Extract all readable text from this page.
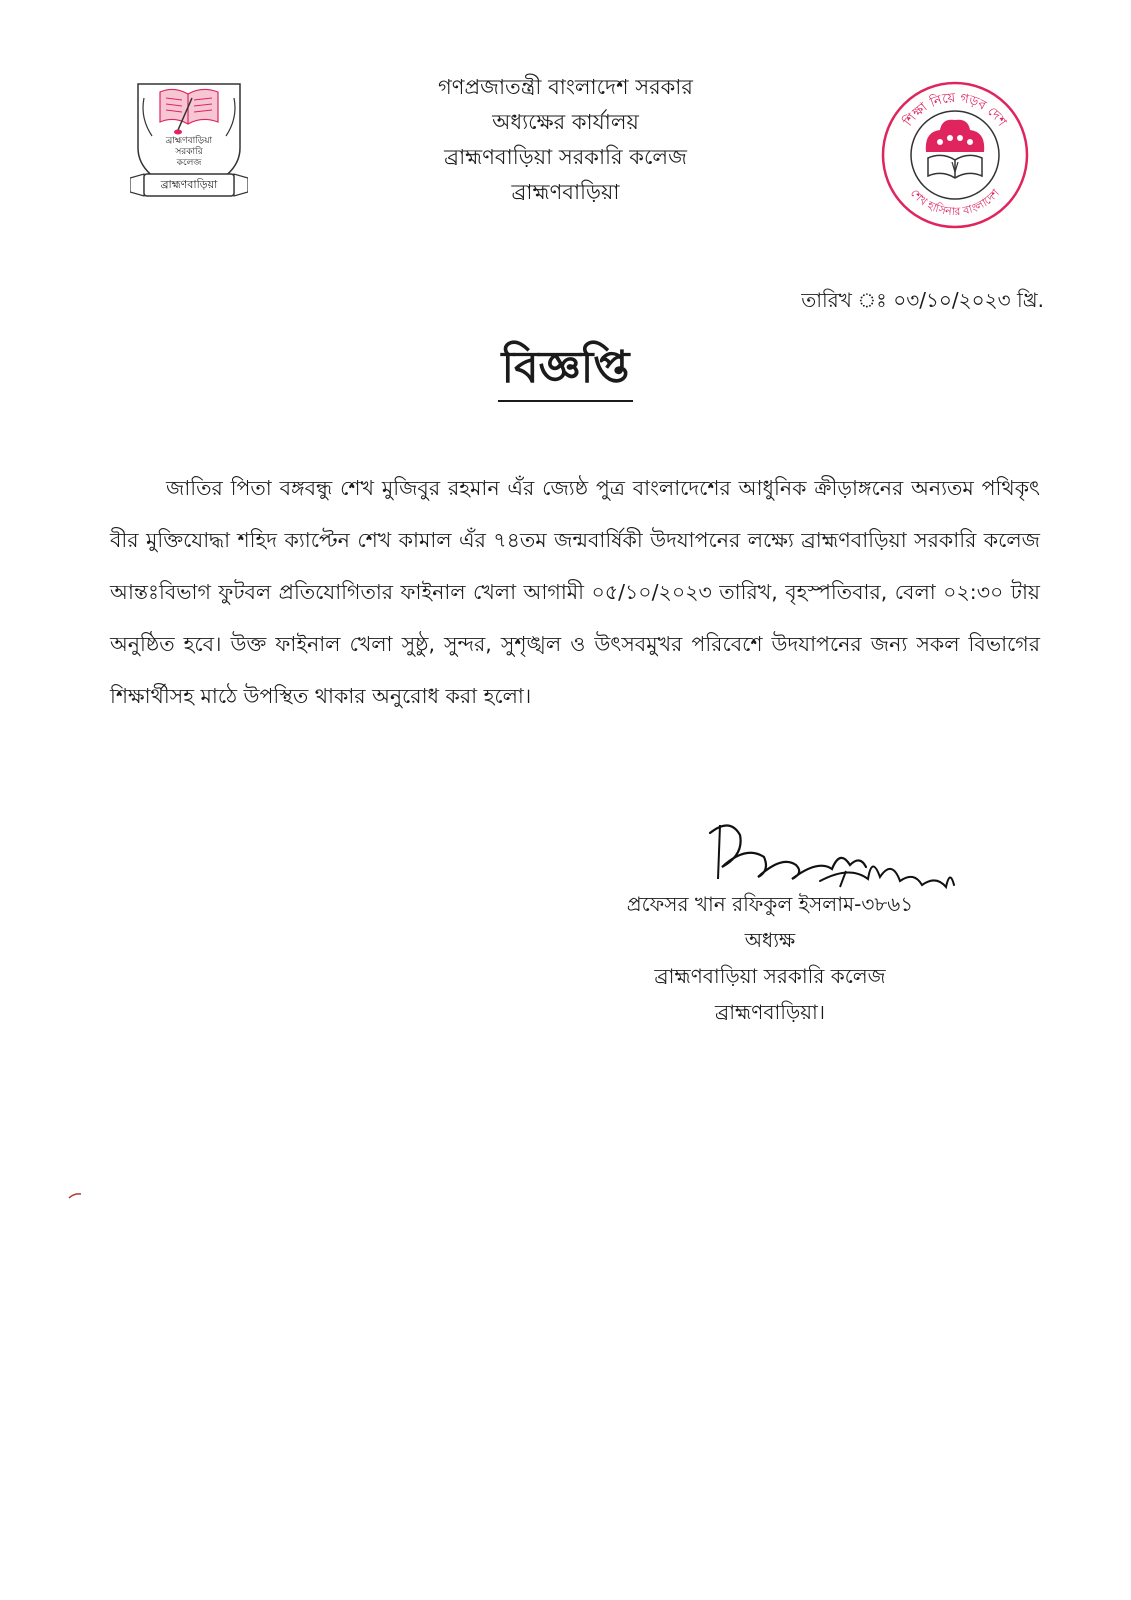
ব্রাহ্মণবাড়িয়া
সরকারি
কলেজ
ব্রাহ্মণবাড়িয়া
গণপ্রজাতন্ত্রী বাংলাদেশ সরকার
অধ্যক্ষের কার্যালয়
ব্রাহ্মণবাড়িয়া সরকারি কলেজ
ব্রাহ্মণবাড়িয়া
শিক্ষা নিয়ে গড়ব দেশ
শেখ হাসিনার বাংলাদেশ
তারিখ ঃ ০৩/১০/২০২৩ খ্রি.
বিজ্ঞপ্তি

জাতির পিতা বঙ্গবন্ধু শেখ মুজিবুর রহমান এঁর জ্যেষ্ঠ পুত্র বাংলাদেশের আধুনিক ক্রীড়াঙ্গনের অন্যতম পথিকৃৎ বীর মুক্তিযোদ্ধা শহিদ ক্যাপ্টেন শেখ কামাল এঁর ৭৪তম জন্মবার্ষিকী উদযাপনের লক্ষ্যে ব্রাহ্মণবাড়িয়া সরকারি কলেজ আন্তঃবিভাগ ফুটবল প্রতিযোগিতার ফাইনাল খেলা আগামী ০৫/১০/২০২৩ তারিখ, বৃহস্পতিবার, বেলা ০২:৩০ টায় অনুষ্ঠিত হবে। উক্ত ফাইনাল খেলা সুষ্ঠু, সুন্দর, সুশৃঙ্খল ও উৎসবমুখর পরিবেশে উদযাপনের জন্য সকল বিভাগের শিক্ষার্থীসহ মাঠে উপস্থিত থাকার অনুরোধ করা হলো।

প্রফেসর খান রফিকুল ইসলাম-৩৮৬১
অধ্যক্ষ
ব্রাহ্মণবাড়িয়া সরকারি কলেজ
ব্রাহ্মণবাড়িয়া।
